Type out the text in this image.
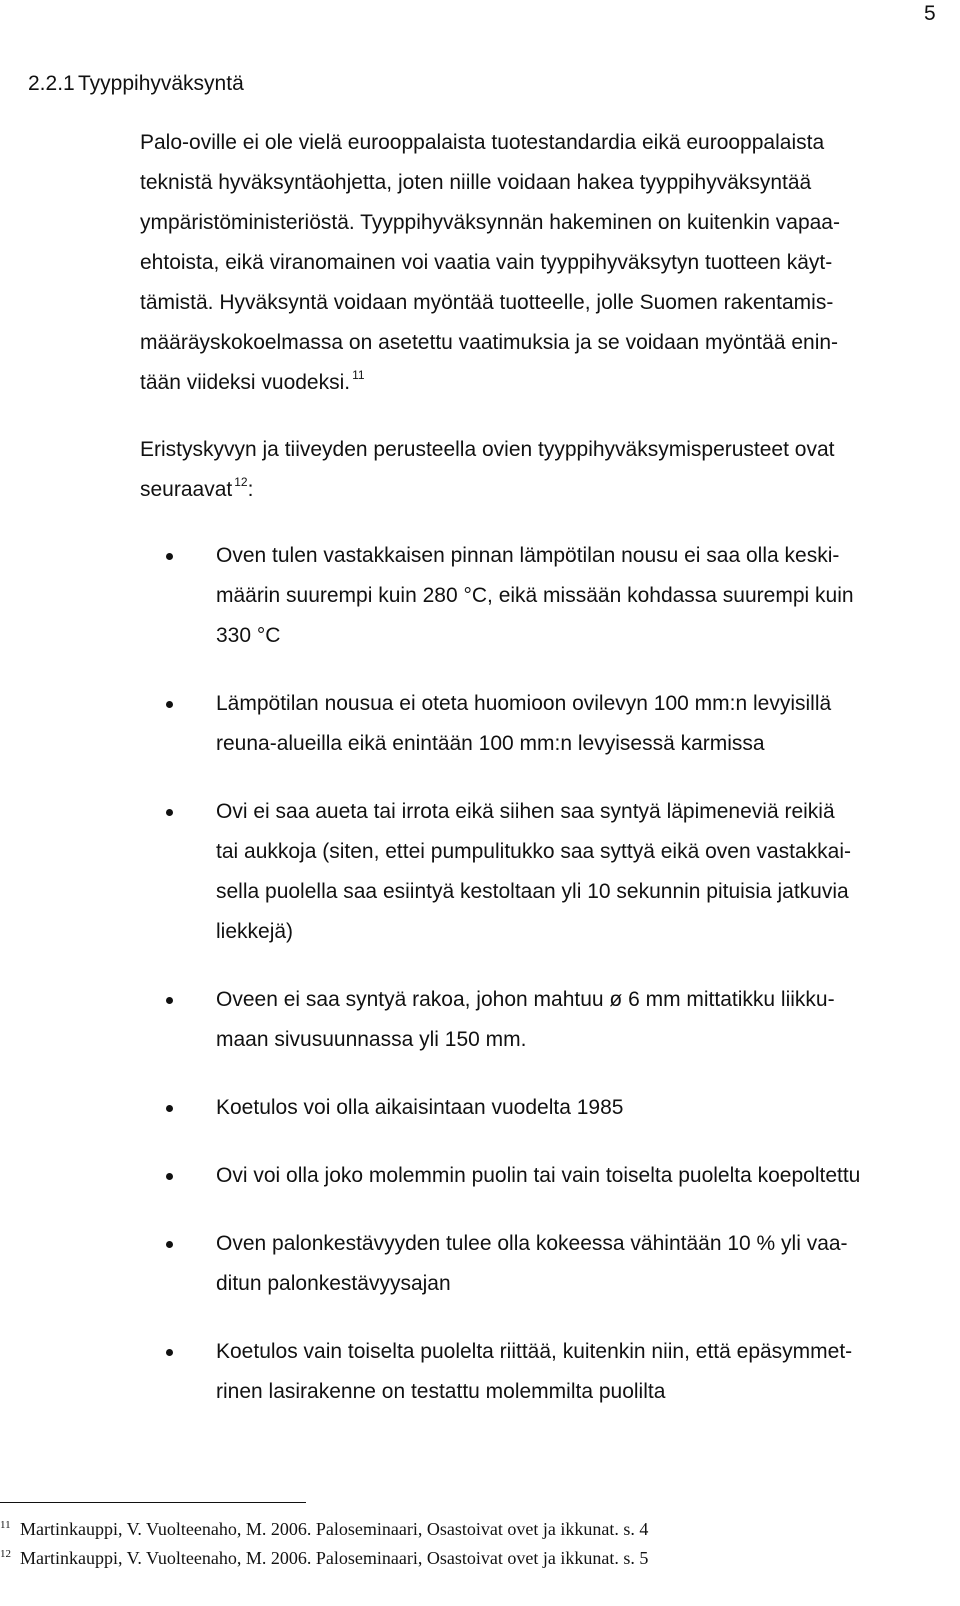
5
2.2.1 Tyyppihyväksyntä

Palo-oville ei ole vielä eurooppalaista tuotestandardia eikä eurooppalaista
teknistä hyväksyntäohjetta, joten niille voidaan hakea tyyppihyväksyntää
ympäristöministeriöstä. Tyyppihyväksynnän hakeminen on kuitenkin vapaa-
ehtoista, eikä viranomainen voi vaatia vain tyyppihyväksytyn tuotteen käyt-
tämistä. Hyväksyntä voidaan myöntää tuotteelle, jolle Suomen rakentamis-
määräyskokoelmassa on asetettu vaatimuksia ja se voidaan myöntää enin-
tään viideksi vuodeksi. $^{11}$

Eristyskyvyn ja tiiveyden perusteella ovien tyyppihyväksymisperusteet ovat
seuraavat $^{12}$:

Oven tulen vastakkaisen pinnan lämpötilan nousu ei saa olla keski-
määrin suurempi kuin 280 °C, eikä missään kohdassa suurempi kuin
330 °C
Lämpötilan nousua ei oteta huomioon ovilevyn 100 mm:n levyisillä
reuna-alueilla eikä enintään 100 mm:n levyisessä karmissa
Ovi ei saa aueta tai irrota eikä siihen saa syntyä läpimeneviä reikiä
tai aukkoja (siten, ettei pumpulitukko saa syttyä eikä oven vastakkai-
sella puolella saa esiintyä kestoltaan yli 10 sekunnin pituisia jatkuvia
liekkejä)
Oveen ei saa syntyä rakoa, johon mahtuu ø 6 mm mittatikku liikku-
maan sivusuunnassa yli 150 mm.
Koetulos voi olla aikaisintaan vuodelta 1985
Ovi voi olla joko molemmin puolin tai vain toiselta puolelta koepoltettu
Oven palonkestävyyden tulee olla kokeessa vähintään 10 % yli vaa-
ditun palonkestävyysajan
Koetulos vain toiselta puolelta riittää, kuitenkin niin, että epäsymmet-
rinen lasirakenne on testattu molemmilta puolilta
$^{11}$ Martinkauppi, V. Vuolteenaho, M. 2006. Paloseminaari, Osastoivat ovet ja ikkunat. s. 4
$^{12}$ Martinkauppi, V. Vuolteenaho, M. 2006. Paloseminaari, Osastoivat ovet ja ikkunat. s. 5
